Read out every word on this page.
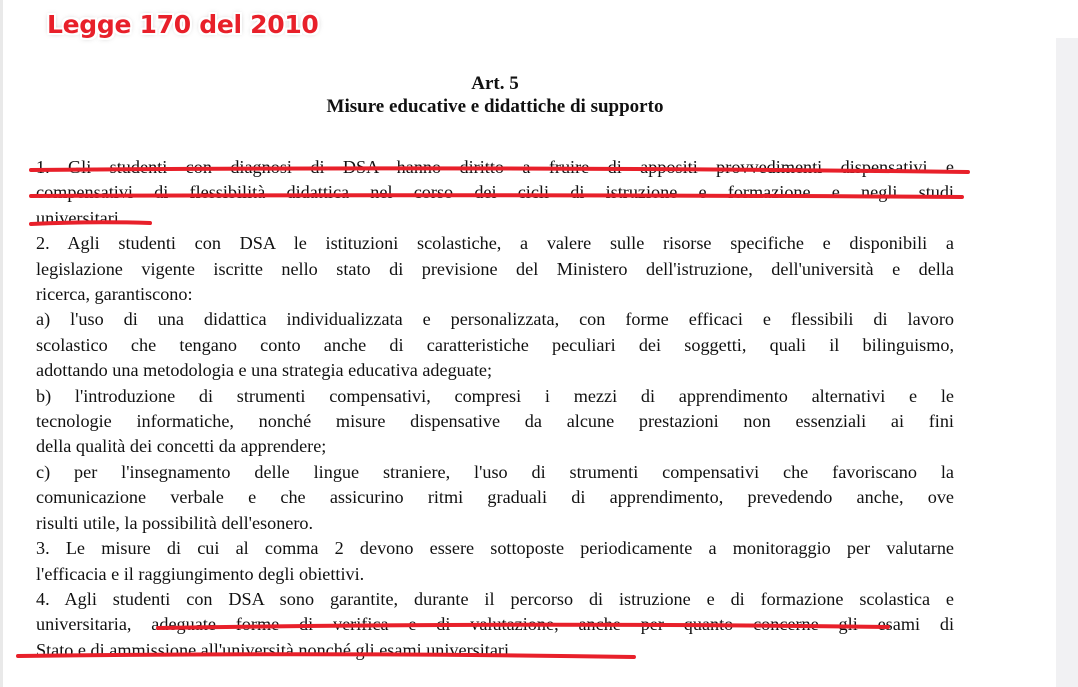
Legge 170 del 2010

Art. 5

Misure educative e didattiche di supporto

1. Gli studenti con diagnosi di DSA hanno diritto a fruire di appositi provvedimenti dispensativi e
compensativi di flessibilità didattica nel corso dei cicli di istruzione e formazione e negli studi
universitari.
2. Agli studenti con DSA le istituzioni scolastiche, a valere sulle risorse specifiche e disponibili a
legislazione vigente iscritte nello stato di previsione del Ministero dell'istruzione, dell'università e della
ricerca, garantiscono:
a) l'uso di una didattica individualizzata e personalizzata, con forme efficaci e flessibili di lavoro
scolastico che tengano conto anche di caratteristiche peculiari dei soggetti, quali il bilinguismo,
adottando una metodologia e una strategia educativa adeguate;
b) l'introduzione di strumenti compensativi, compresi i mezzi di apprendimento alternativi e le
tecnologie informatiche, nonché misure dispensative da alcune prestazioni non essenziali ai fini
della qualità dei concetti da apprendere;
c) per l'insegnamento delle lingue straniere, l'uso di strumenti compensativi che favoriscano la
comunicazione verbale e che assicurino ritmi graduali di apprendimento, prevedendo anche, ove
risulti utile, la possibilità dell'esonero.
3. Le misure di cui al comma 2 devono essere sottoposte periodicamente a monitoraggio per valutarne
l'efficacia e il raggiungimento degli obiettivi.
4. Agli studenti con DSA sono garantite, durante il percorso di istruzione e di formazione scolastica e
universitaria, adeguate forme di verifica e di valutazione, anche per quanto concerne gli esami di
Stato e di ammissione all'università nonché gli esami universitari.
